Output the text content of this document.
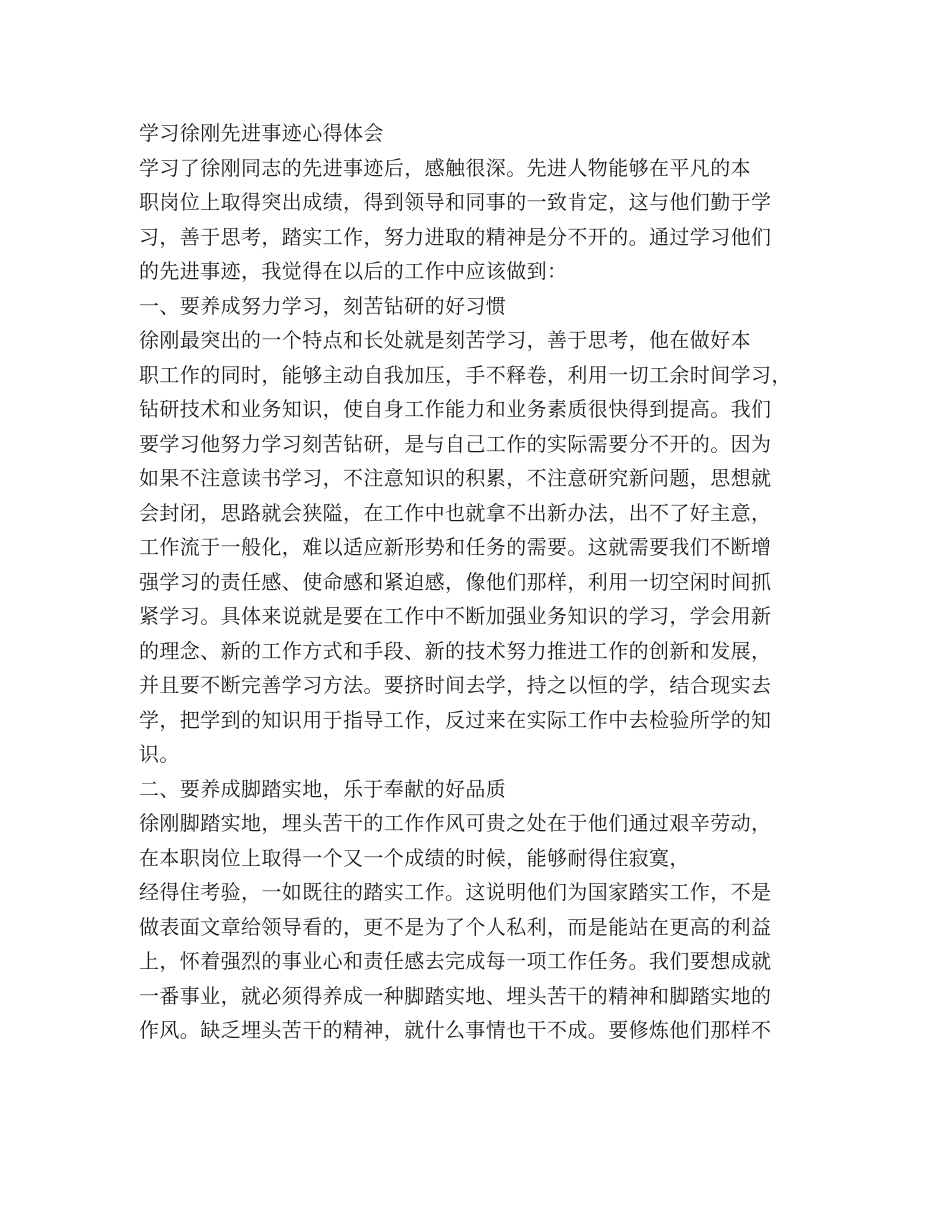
学习徐刚先进事迹心得体会
学习了徐刚同志的先进事迹后，感触很深。先进人物能够在平凡的本
职岗位上取得突出成绩，得到领导和同事的一致肯定，这与他们勤于学
习，善于思考，踏实工作，努力进取的精神是分不开的。通过学习他们
的先进事迹，我觉得在以后的工作中应该做到：
一、要养成努力学习，刻苦钻研的好习惯
徐刚最突出的一个特点和长处就是刻苦学习，善于思考，他在做好本
职工作的同时，能够主动自我加压，手不释卷，利用一切工余时间学习，
钻研技术和业务知识，使自身工作能力和业务素质很快得到提高。我们
要学习他努力学习刻苦钻研，是与自己工作的实际需要分不开的。因为
如果不注意读书学习，不注意知识的积累，不注意研究新问题，思想就
会封闭，思路就会狭隘，在工作中也就拿不出新办法，出不了好主意，
工作流于一般化，难以适应新形势和任务的需要。这就需要我们不断增
强学习的责任感、使命感和紧迫感，像他们那样，利用一切空闲时间抓
紧学习。具体来说就是要在工作中不断加强业务知识的学习，学会用新
的理念、新的工作方式和手段、新的技术努力推进工作的创新和发展，
并且要不断完善学习方法。要挤时间去学，持之以恒的学，结合现实去
学，把学到的知识用于指导工作，反过来在实际工作中去检验所学的知
识。
二、要养成脚踏实地，乐于奉献的好品质
徐刚脚踏实地，埋头苦干的工作作风可贵之处在于他们通过艰辛劳动，
在本职岗位上取得一个又一个成绩的时候，能够耐得住寂寞，
经得住考验，一如既往的踏实工作。这说明他们为国家踏实工作，不是
做表面文章给领导看的，更不是为了个人私利，而是能站在更高的利益
上，怀着强烈的事业心和责任感去完成每一项工作任务。我们要想成就
一番事业，就必须得养成一种脚踏实地、埋头苦干的精神和脚踏实地的
作风。缺乏埋头苦干的精神，就什么事情也干不成。要修炼他们那样不
